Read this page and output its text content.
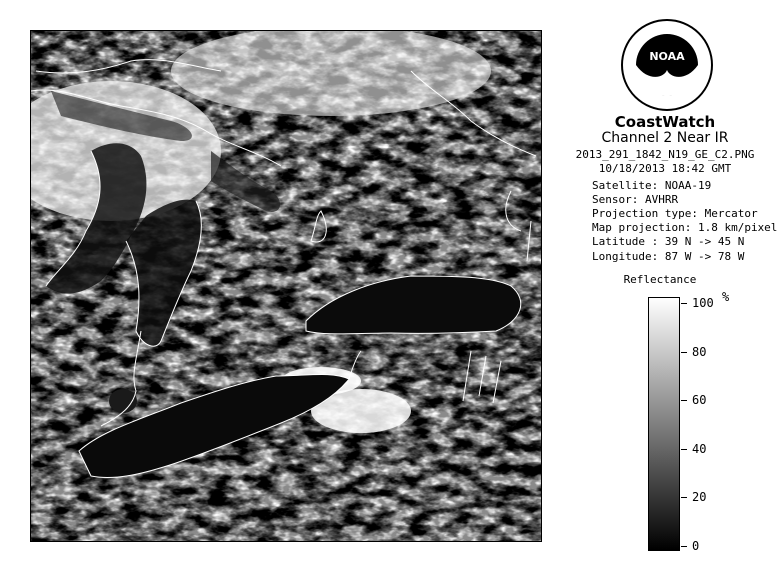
NOAA
CoastWatch
Channel 2 Near IR
2013_291_1842_N19_GE_C2.PNG
10/18/2013 18:42 GMT
Satellite: NOAA-19
Sensor: AVHRR
Projection type: Mercator
Map projection: 1.8 km/pixel
Latitude : 39 N -> 45 N
Longitude: 87 W -> 78 W
Reflectance
%
100
80
60
40
20
0
